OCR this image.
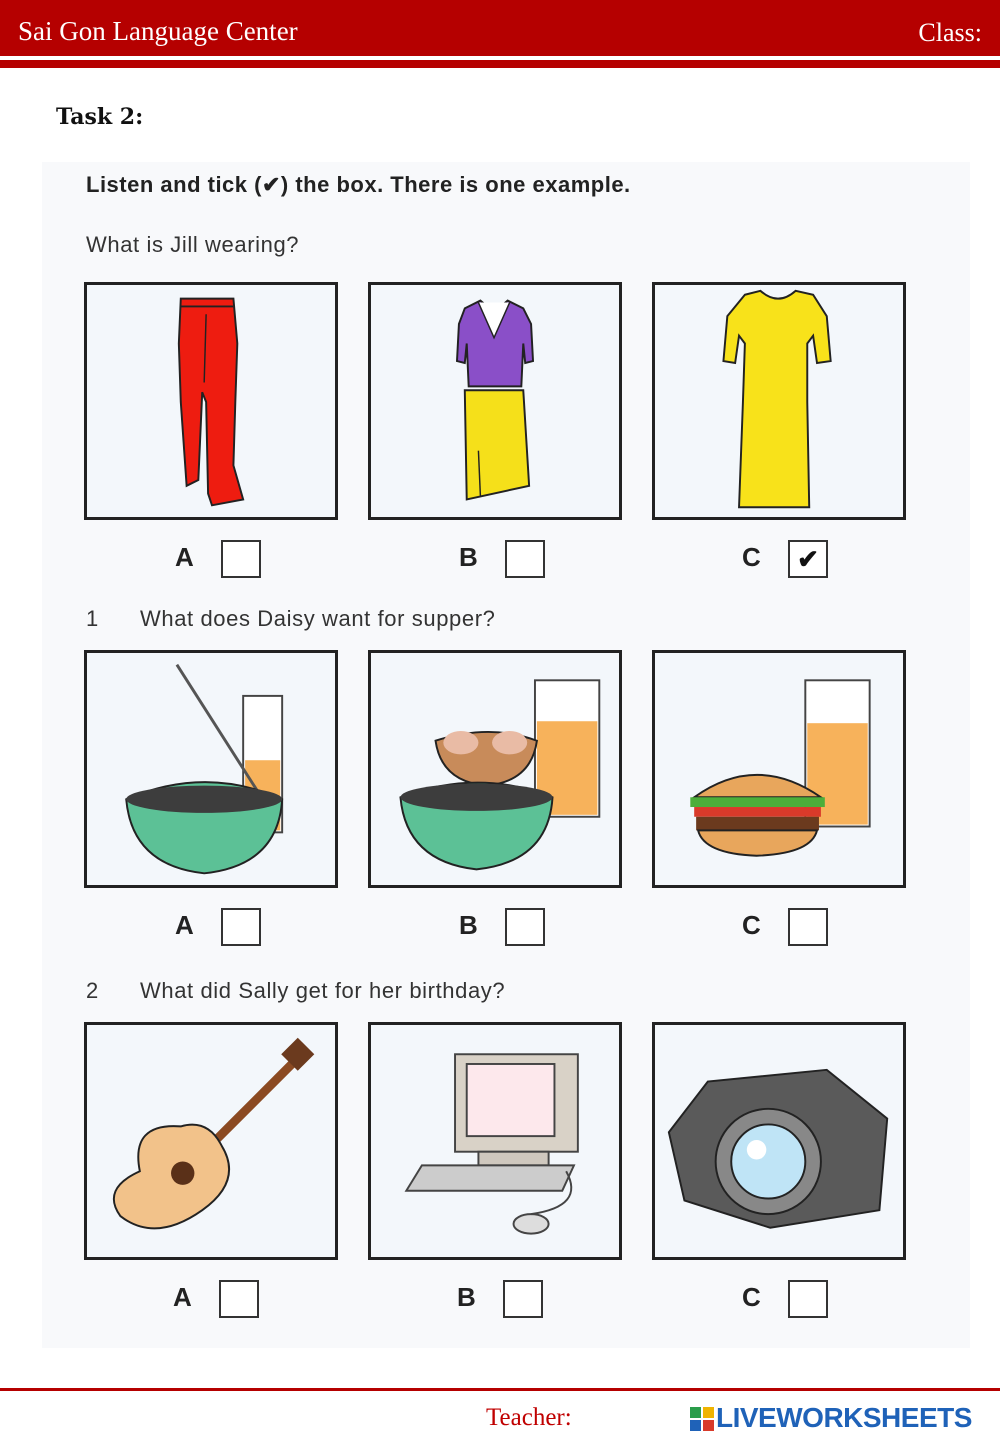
Sai Gon Language Center	Class:
Task 2:
Listen and tick (✔) the box. There is one example.
What is Jill wearing?
A	B	C	✔
1 What does Daisy want for supper?
A	B	C
2 What did Sally get for her birthday?
A	B	C
Teacher:	LIVEWORKSHEETS
